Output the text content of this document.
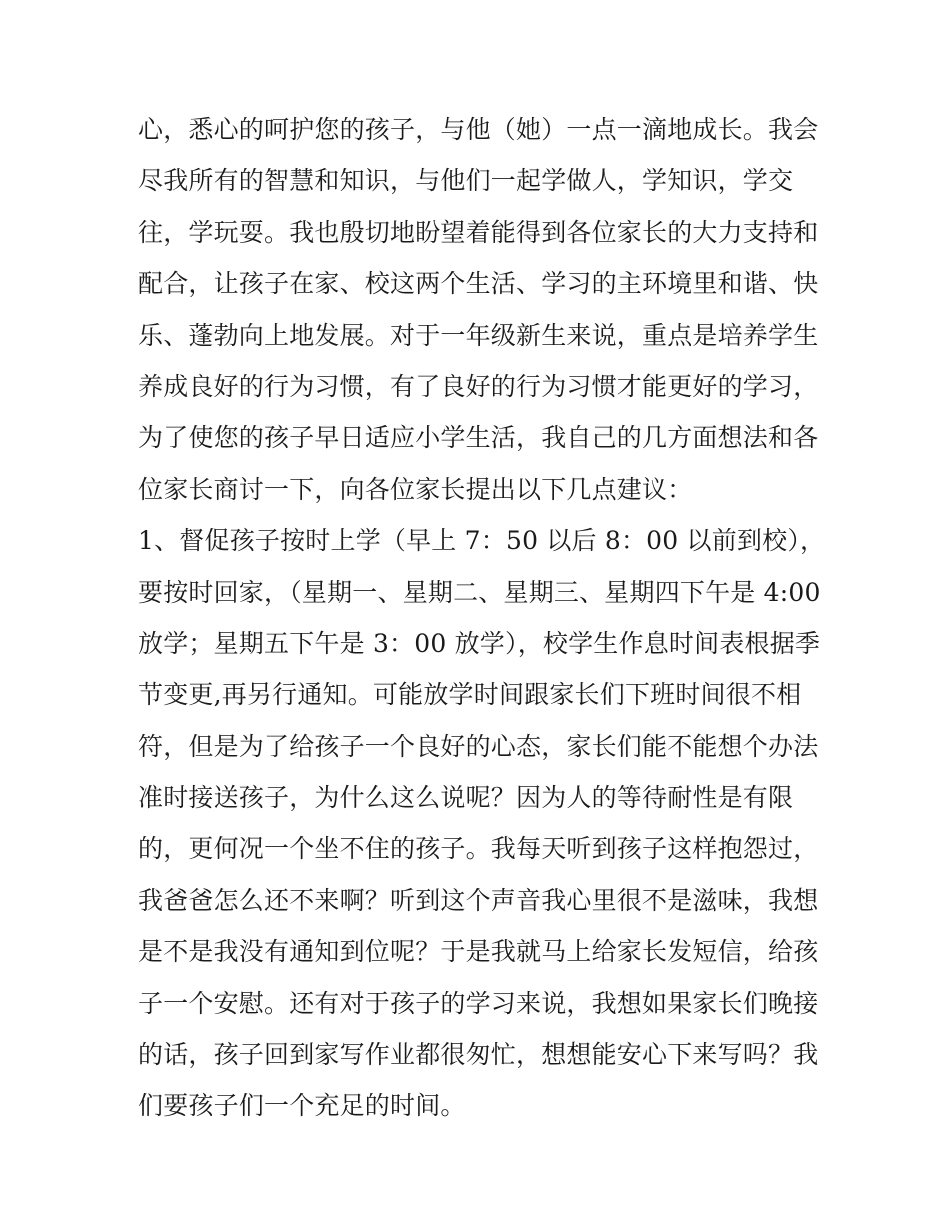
心，悉心的呵护您的孩子，与他（她）一点一滴地成长。我会
尽我所有的智慧和知识，与他们一起学做人，学知识，学交
往，学玩耍。我也殷切地盼望着能得到各位家长的大力支持和
配合，让孩子在家、校这两个生活、学习的主环境里和谐、快
乐、蓬勃向上地发展。对于一年级新生来说，重点是培养学生
养成良好的行为习惯，有了良好的行为习惯才能更好的学习，
为了使您的孩子早日适应小学生活，我自己的几方面想法和各
位家长商讨一下，向各位家长提出以下几点建议：
1、督促孩子按时上学（早上 7：50 以后 8：00 以前到校），
要按时回家，（星期一、星期二、星期三、星期四下午是 4:00
放学；星期五下午是 3：00 放学），校学生作息时间表根据季
节变更,再另行通知。可能放学时间跟家长们下班时间很不相
符，但是为了给孩子一个良好的心态，家长们能不能想个办法
准时接送孩子，为什么这么说呢？因为人的等待耐性是有限
的，更何况一个坐不住的孩子。我每天听到孩子这样抱怨过，
我爸爸怎么还不来啊？听到这个声音我心里很不是滋味，我想
是不是我没有通知到位呢？于是我就马上给家长发短信，给孩
子一个安慰。还有对于孩子的学习来说，我想如果家长们晚接
的话，孩子回到家写作业都很匆忙，想想能安心下来写吗？我
们要孩子们一个充足的时间。
